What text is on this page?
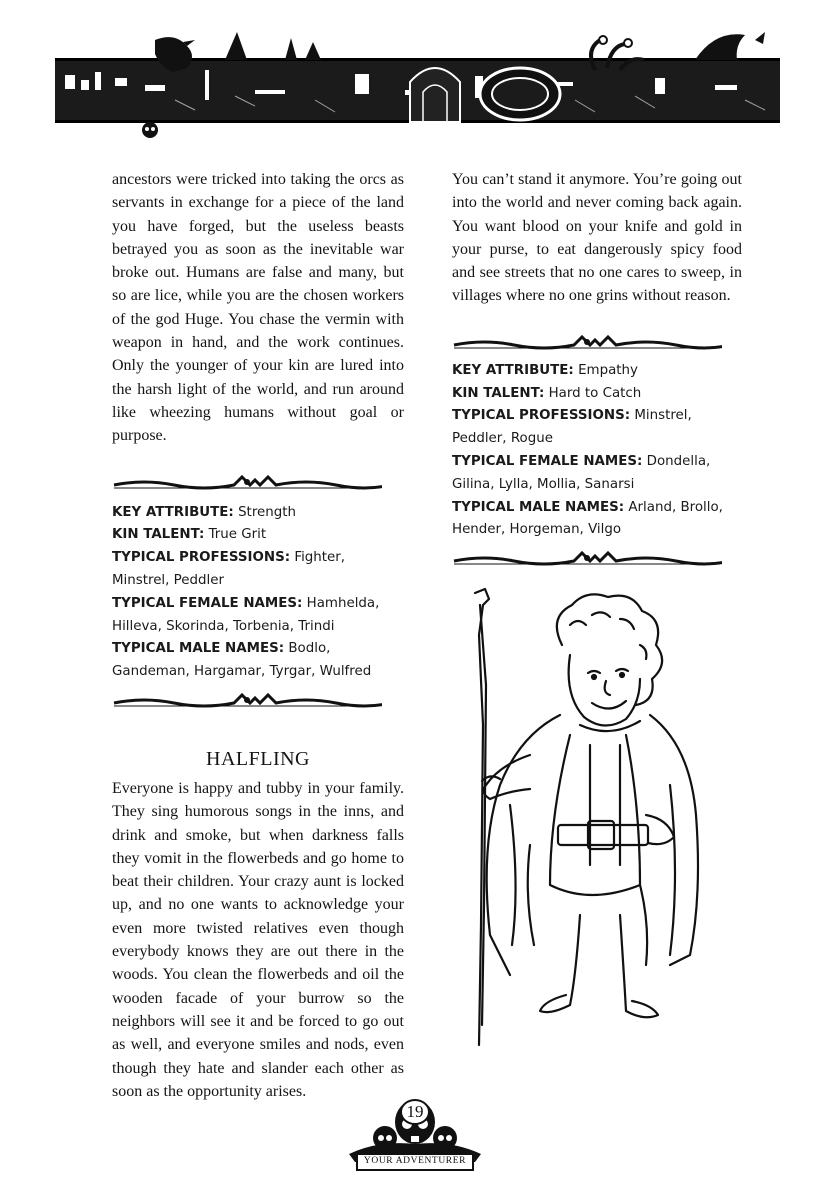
ancestors were tricked into taking the orcs as servants in exchange for a piece of the land you have forged, but the useless beasts betrayed you as soon as the inevitable war broke out. Humans are false and many, but so are lice, while you are the chosen workers of the god Huge. You chase the vermin with weapon in hand, and the work continues. Only the younger of your kin are lured into the harsh light of the world, and run around like wheezing humans without goal or purpose.

KEY ATTRIBUTE: Strength
KIN TALENT: True Grit
TYPICAL PROFESSIONS: Fighter, Minstrel, Peddler
TYPICAL FEMALE NAMES: Hamhelda, Hilleva, Skorinda, Torbenia, Trindi
TYPICAL MALE NAMES: Bodlo, Gandeman, Hargamar, Tyrgar, Wulfred
HALFLING

Everyone is happy and tubby in your family. They sing humorous songs in the inns, and drink and smoke, but when darkness falls they vomit in the flowerbeds and go home to beat their children. Your crazy aunt is locked up, and no one wants to acknowledge your even more twisted relatives even though everybody knows they are out there in the woods. You clean the flowerbeds and oil the wooden facade of your burrow so the neighbors will see it and be forced to go out as well, and everyone smiles and nods, even though they hate and slander each other as soon as the opportunity arises.

You can’t stand it anymore. You’re going out into the world and never coming back again. You want blood on your knife and gold in your purse, to eat dangerously spicy food and see streets that no one cares to sweep, in villages where no one grins without reason.

KEY ATTRIBUTE: Empathy
KIN TALENT: Hard to Catch
TYPICAL PROFESSIONS: Minstrel, Peddler, Rogue
TYPICAL FEMALE NAMES: Dondella, Gilina, Lylla, Mollia, Sanarsi
TYPICAL MALE NAMES: Arland, Brollo, Hender, Horgeman, Vilgo
19
YOUR ADVENTURER
